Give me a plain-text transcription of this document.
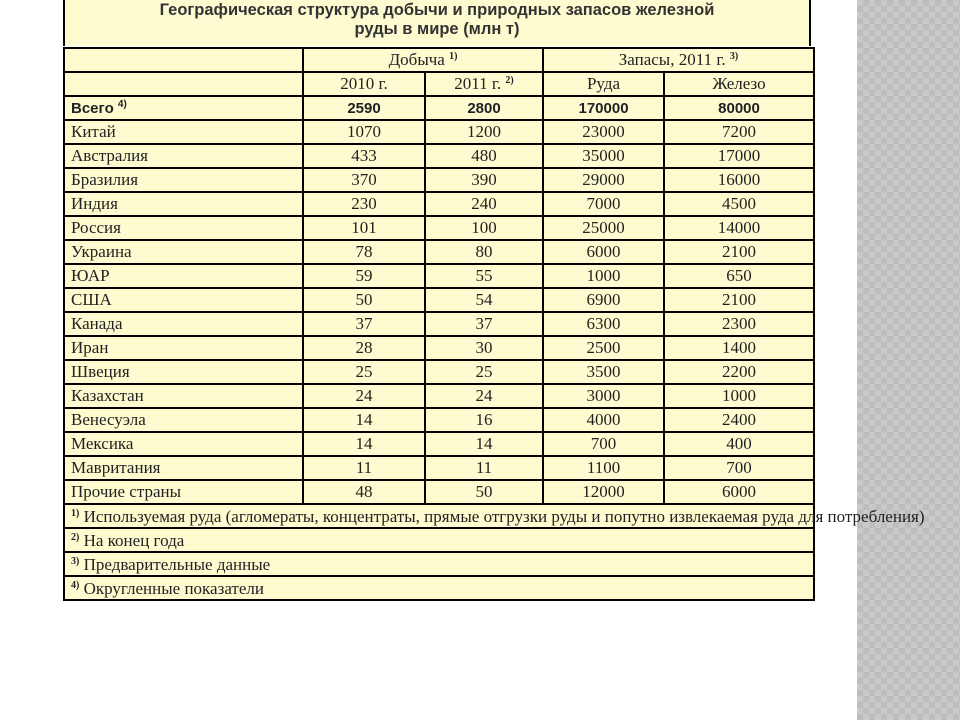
Географическая структура добычи и природных запасов железной
руды в мире (млн т)
	Добыча $^{1)}$		Запасы, 2011 г. $^{3)}$
	2010 г.	2011 г. $^{2)}$	Руда	Железо
Всего $^{4)}$	2590	2800	170000	80000
Китай	1070	1200	23000	7200
Австралия	433	480	35000	17000
Бразилия	370	390	29000	16000
Индия	230	240	7000	4500
Россия	101	100	25000	14000
Украина	78	80	6000	2100
ЮАР	59	55	1000	650
США	50	54	6900	2100
Канада	37	37	6300	2300
Иран	28	30	2500	1400
Швеция	25	25	3500	2200
Казахстан	24	24	3000	1000
Венесуэла	14	16	4000	2400
Мексика	14	14	700	400
Мавритания	11	11	1100	700
Прочие страны	48	50	12000	6000
$^{1)}$ Используемая руда (агломераты, концентраты, прямые отгрузки руды и попутно извлекаемая руда для потребления)				
$^{2)}$ На конец года				
$^{3)}$ Предварительные данные				
$^{4)}$ Округленные показатели				
